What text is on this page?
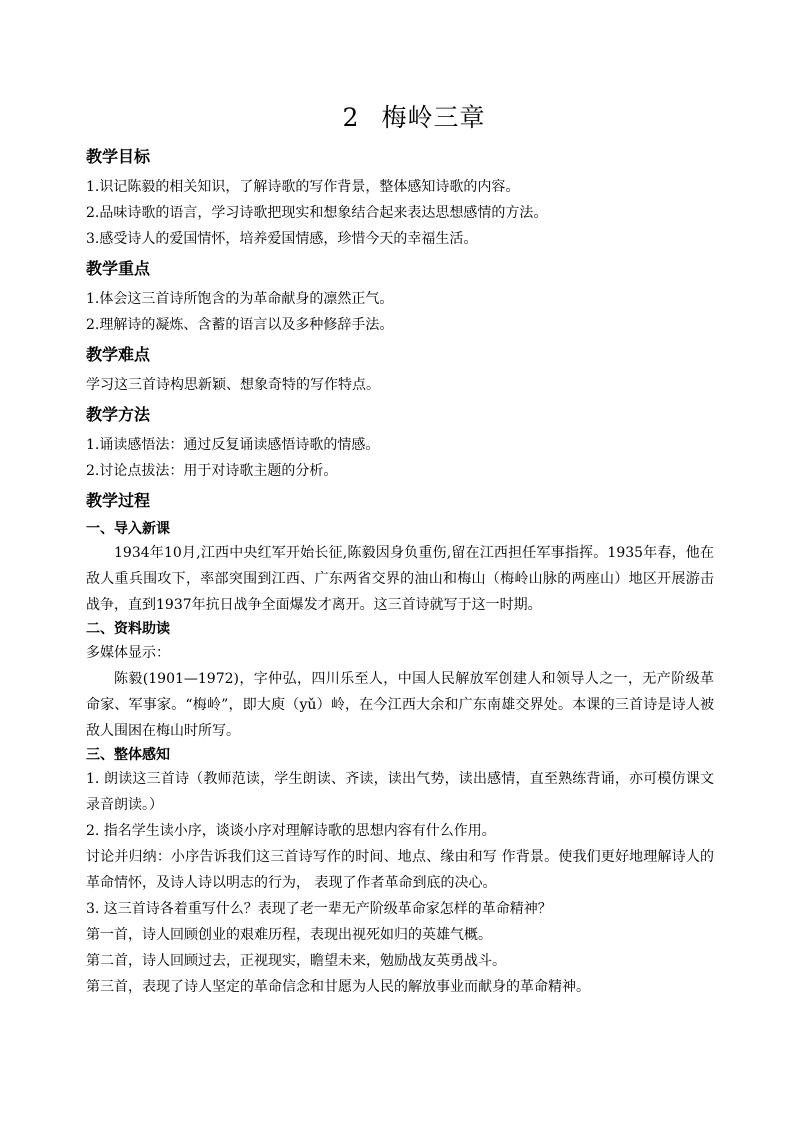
2 梅岭三章
教学目标
1.识记陈毅的相关知识，了解诗歌的写作背景，整体感知诗歌的内容。
2.品味诗歌的语言，学习诗歌把现实和想象结合起来表达思想感情的方法。
3.感受诗人的爱国情怀，培养爱国情感，珍惜今天的幸福生活。
教学重点
1.体会这三首诗所饱含的为革命献身的凛然正气。
2.理解诗的凝炼、含蓄的语言以及多种修辞手法。
教学难点
学习这三首诗构思新颖、想象奇特的写作特点。
教学方法
1.诵读感悟法：通过反复诵读感悟诗歌的情感。
2.讨论点拔法：用于对诗歌主题的分析。
教学过程
一、导入新课
1934年10月,江西中央红军开始长征,陈毅因身负重伤,留在江西担任军事指挥。1935年春，他在敌人重兵围攻下，率部突围到江西、广东两省交界的油山和梅山（梅岭山脉的两座山）地区开展游击战争，直到1937年抗日战争全面爆发才离开。这三首诗就写于这一时期。
二、资料助读
多媒体显示：
陈毅(1901—1972)，字仲弘，四川乐至人，中国人民解放军创建人和领导人之一，无产阶级革命家、军事家。“梅岭”，即大庾（yǔ）岭，在今江西大余和广东南雄交界处。本课的三首诗是诗人被敌人围困在梅山时所写。
三、整体感知
1. 朗读这三首诗（教师范读，学生朗读、齐读，读出气势，读出感情，直至熟练背诵，亦可模仿课文录音朗读。）
2. 指名学生读小序，谈谈小序对理解诗歌的思想内容有什么作用。
讨论并归纳：小序告诉我们这三首诗写作的时间、地点、缘由和写 作背景。使我们更好地理解诗人的革命情怀，及诗人诗以明志的行为， 表现了作者革命到底的决心。
3. 这三首诗各着重写什么？表现了老一辈无产阶级革命家怎样的革命精神？
第一首，诗人回顾创业的艰难历程，表现出视死如归的英雄气概。
第二首，诗人回顾过去，正视现实，瞻望未来，勉励战友英勇战斗。
第三首，表现了诗人坚定的革命信念和甘愿为人民的解放事业而献身的革命精神。
